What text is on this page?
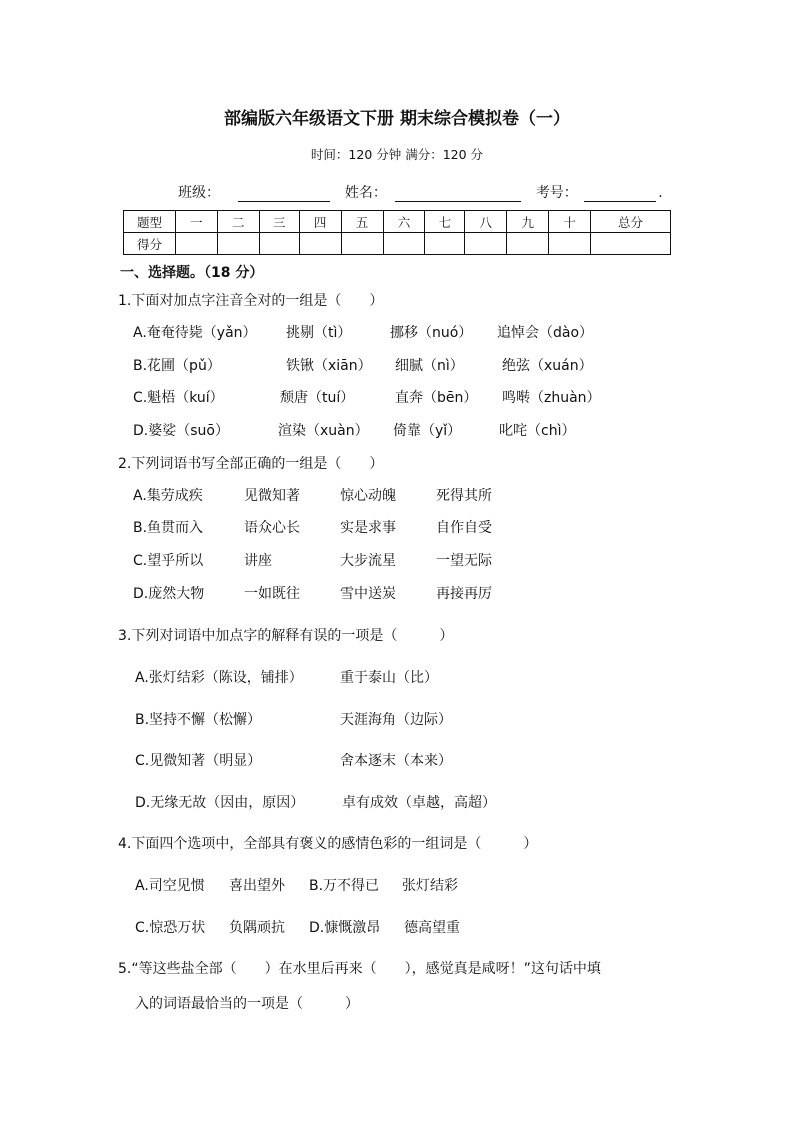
部编版六年级语文下册 期末综合模拟卷（一）
时间：120 分钟 满分：120 分
班级：	姓名：	考号：	.
题型	一	二	三	四	五	六	七	八	九	十	总分
得分											
一、选择题。（18 分）
1.下面对加点字注音全对的一组是（　　）
A.奄奄待毙（yǎn） 挑剔（tì）	挪移（nuó） 追悼会（dào）
B.花圃（pǔ）	铁锹（xiān） 细腻（nì）	绝弦（xuán）
C.魁梧（kuí）	颓唐（tuí）	直奔（bēn） 鸣啭（zhuàn）
D.婆娑（suō）	渲染（xuàn） 倚靠（yǐ）	叱咤（chì）
2.下列词语书写全部正确的一组是（　　）
A.集劳成疾	见微知著	惊心动魄	死得其所
B.鱼贯而入	语众心长	实是求事	自作自受
C.望乎所以	讲座	大步流星	一望无际
D.庞然大物	一如既往	雪中送炭	再接再厉
3.下列对词语中加点字的解释有误的一项是（　　　）
A.张灯结彩（陈设，铺排）	重于泰山（比）
B.坚持不懈（松懈）	天涯海角（边际）
C.见微知著（明显）	舍本逐末（本来）
D.无缘无故（因由，原因）	卓有成效（卓越，高超）
4.下面四个选项中，全部具有褒义的感情色彩的一组词是（　　　）
A.司空见惯 喜出望外 B.万不得已 张灯结彩
C.惊恐万状 负隅顽抗 D.慷慨激昂 德高望重
5.“等这些盐全部（　　）在水里后再来（　　），感觉真是咸呀！”这句话中填
入的词语最恰当的一项是（　　　）
